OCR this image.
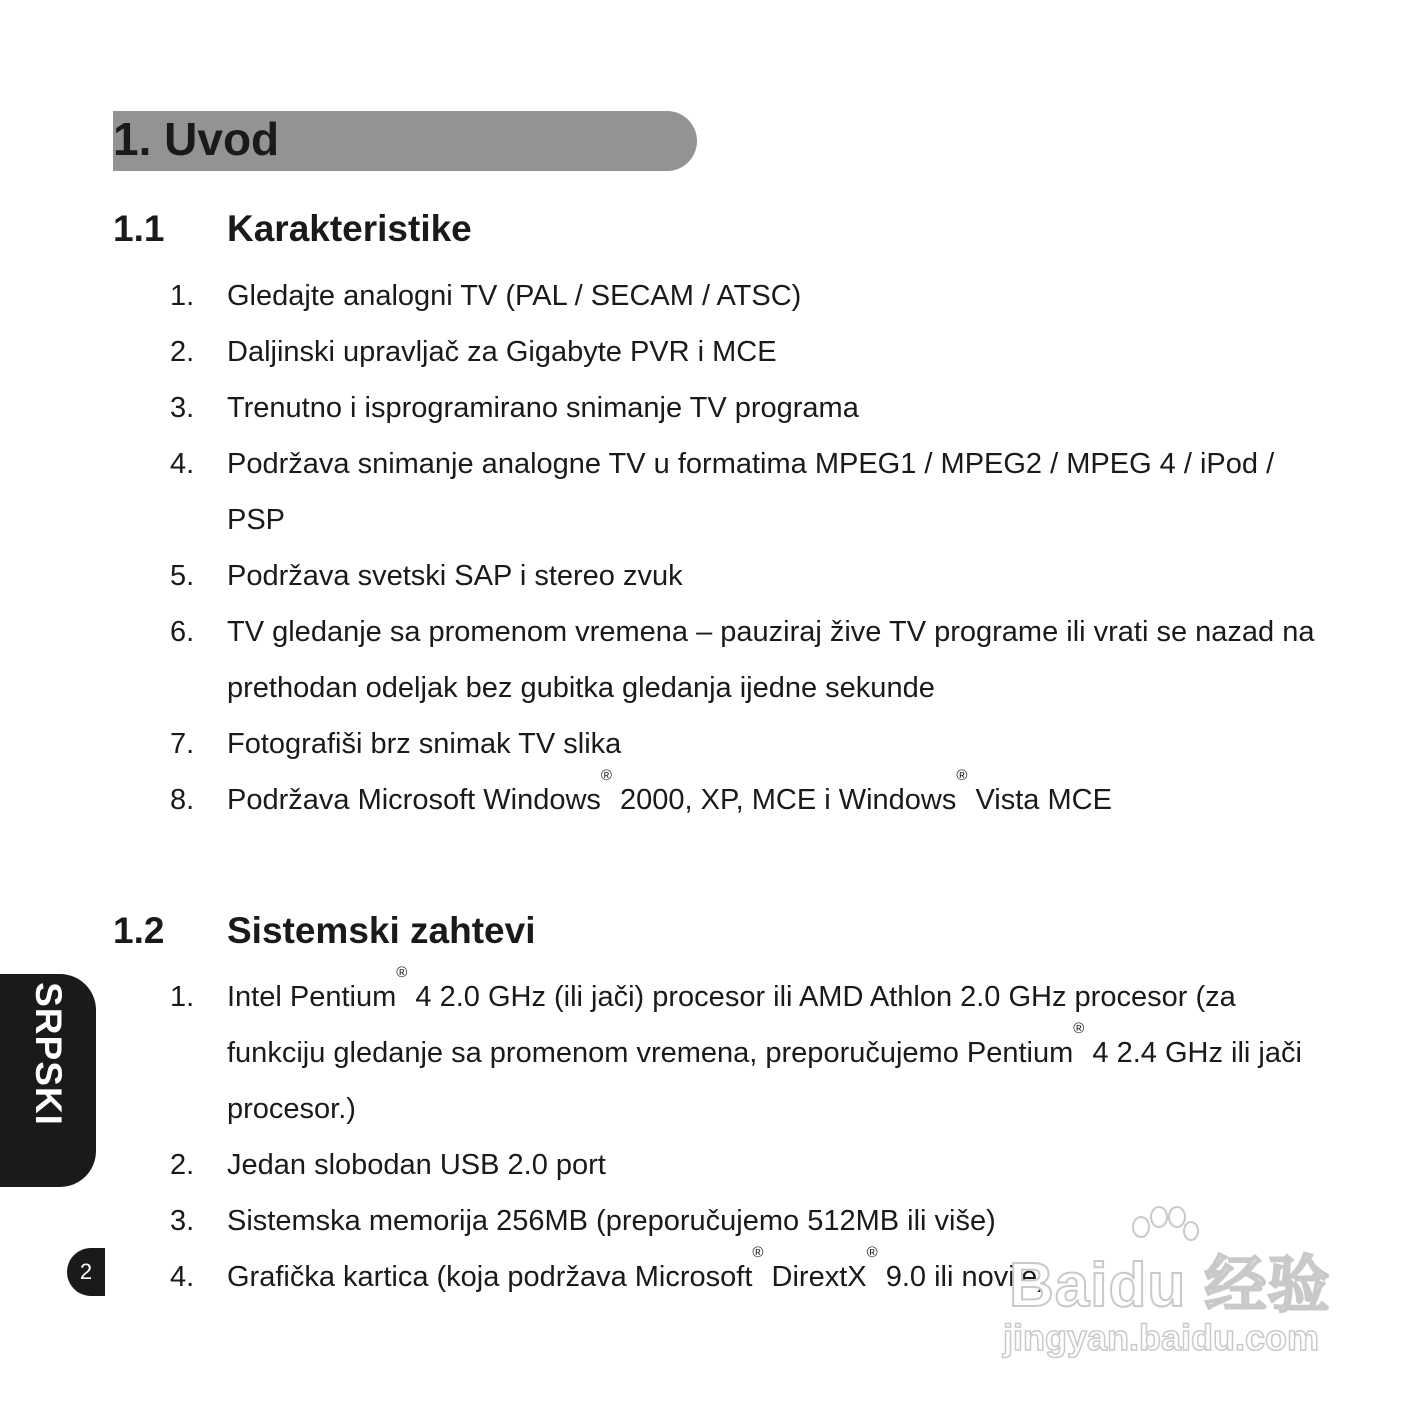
1. Uvod
1.1 Karakteristike
1. Gledajte analogni TV (PAL / SECAM / ATSC)
2. Daljinski upravljač za Gigabyte PVR i MCE
3. Trenutno i isprogramirano snimanje TV programa
4. Podržava snimanje analogne TV u formatima MPEG1 / MPEG2 / MPEG 4 / iPod / PSP
5. Podržava svetski SAP i stereo zvuk
6. TV gledanje sa promenom vremena – pauziraj žive TV programe ili vrati se nazad na prethodan odeljak bez gubitka gledanja ijedne sekunde
7. Fotografiši brz snimak TV slika
8. Podržava Microsoft Windows® 2000, XP, MCE i Windows® Vista MCE
1.2 Sistemski zahtevi
1. Intel Pentium® 4 2.0 GHz (ili jači) procesor ili AMD Athlon 2.0 GHz procesor (za funkciju gledanje sa promenom vremena, preporučujemo Pentium® 4 2.4 GHz ili jači procesor.)
2. Jedan slobodan USB 2.0 port
3. Sistemska memorija 256MB (preporučujemo 512MB ili više)
4. Grafička kartica (koja podržava Microsoft® DirextX® 9.0 ili novije)
SRPSKI
2	Baidu 经验
jingyan.baidu.com
